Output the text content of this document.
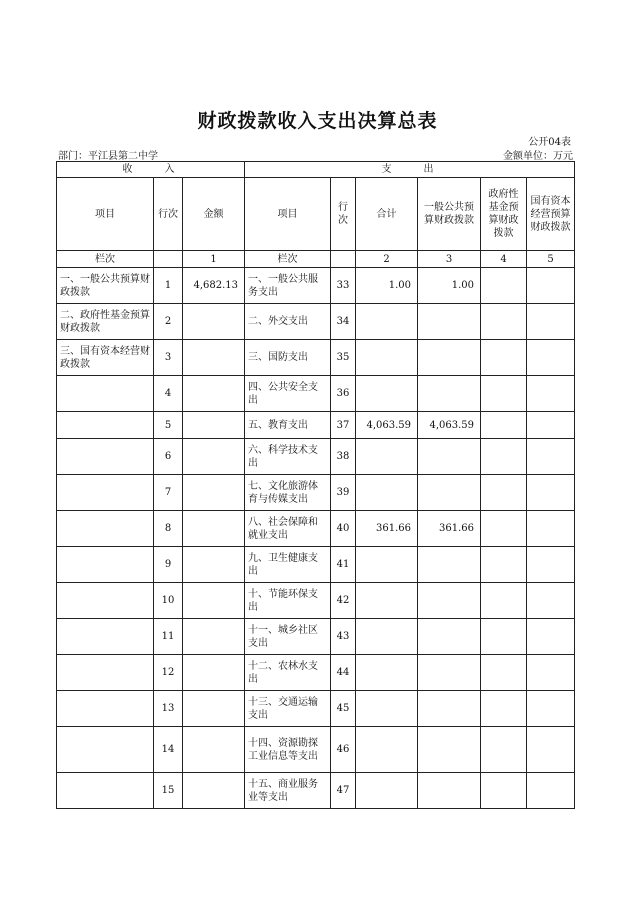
财政拨款收入支出决算总表
公开04表
部门：平江县第二中学	金额单位：万元
收　　入			支　　出					
项目	行次	金额	项目	行次	合计	一般公共预算财政拨款	政府性基金预算财政拨款	国有资本经营预算财政拨款
栏次		1	栏次		2	3	4	5
一、一般公共预算财政拨款	1	4,682.13	一、一般公共服务支出	33	1.00	1.00		
二、政府性基金预算财政拨款	2		二、外交支出	34				
三、国有资本经营财政拨款	3		三、国防支出	35				
	4		四、公共安全支出	36				
	5		五、教育支出	37	4,063.59	4,063.59		
	6		六、科学技术支出	38				
	7		七、文化旅游体育与传媒支出	39				
	8		八、社会保障和就业支出	40	361.66	361.66		
	9		九、卫生健康支出	41				
	10		十、节能环保支出	42				
	11		十一、城乡社区支出	43				
	12		十二、农林水支出	44				
	13		十三、交通运输支出	45				
	14		十四、资源勘探工业信息等支出	46				
	15		十五、商业服务业等支出	47				
